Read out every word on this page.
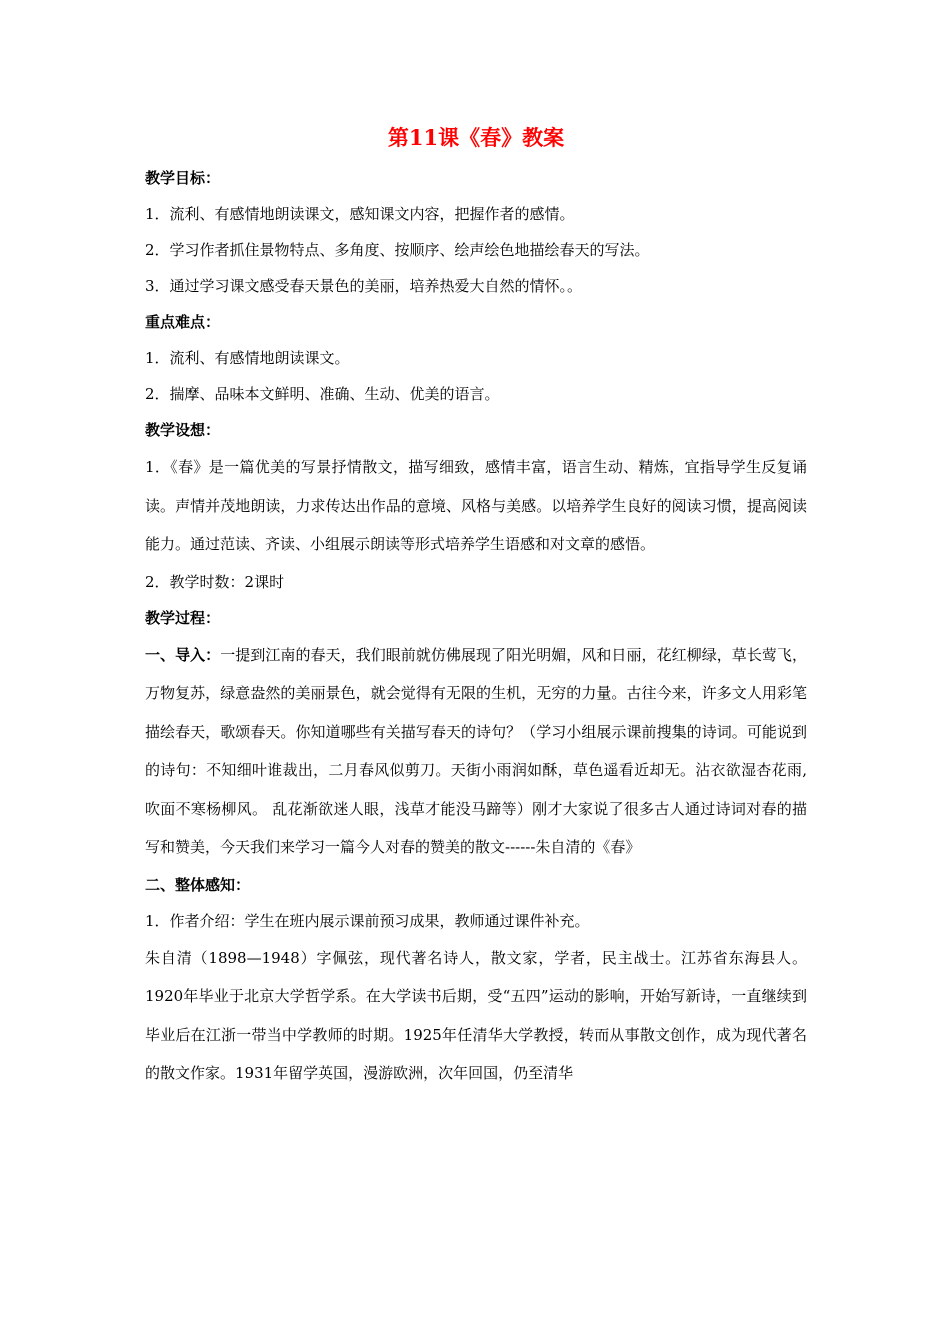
第11课《春》教案

教学目标：

1．流利、有感情地朗读课文，感知课文内容，把握作者的感情。

2．学习作者抓住景物特点、多角度、按顺序、绘声绘色地描绘春天的写法。

3．通过学习课文感受春天景色的美丽，培养热爱大自然的情怀。。

重点难点：

1．流利、有感情地朗读课文。

2．揣摩、品味本文鲜明、准确、生动、优美的语言。

教学设想：

1．《春》是一篇优美的写景抒情散文，描写细致，感情丰富，语言生动、精炼，宜指导学生反复诵读。声情并茂地朗读，力求传达出作品的意境、风格与美感。以培养学生良好的阅读习惯，提高阅读能力。通过范读、齐读、小组展示朗读等形式培养学生语感和对文章的感悟。

2．教学时数：2课时

教学过程：

一、导入：一提到江南的春天，我们眼前就仿佛展现了阳光明媚，风和日丽，花红柳绿，草长莺飞，万物复苏，绿意盎然的美丽景色，就会觉得有无限的生机，无穷的力量。古往今来，许多文人用彩笔描绘春天，歌颂春天。你知道哪些有关描写春天的诗句？（学习小组展示课前搜集的诗词。可能说到的诗句：不知细叶谁裁出，二月春风似剪刀。天街小雨润如酥，草色遥看近却无。沾衣欲湿杏花雨,吹面不寒杨柳风。 乱花渐欲迷人眼，浅草才能没马蹄等）刚才大家说了很多古人通过诗词对春的描写和赞美，今天我们来学习一篇今人对春的赞美的散文------朱自清的《春》

二、整体感知：

1．作者介绍：学生在班内展示课前预习成果，教师通过课件补充。

朱自清（1898—1948）字佩弦，现代著名诗人，散文家，学者，民主战士。江苏省东海县人。1920年毕业于北京大学哲学系。在大学读书后期，受“五四”运动的影响，开始写新诗，一直继续到毕业后在江浙一带当中学教师的时期。1925年任清华大学教授，转而从事散文创作，成为现代著名的散文作家。1931年留学英国，漫游欧洲，次年回国，仍至清华
